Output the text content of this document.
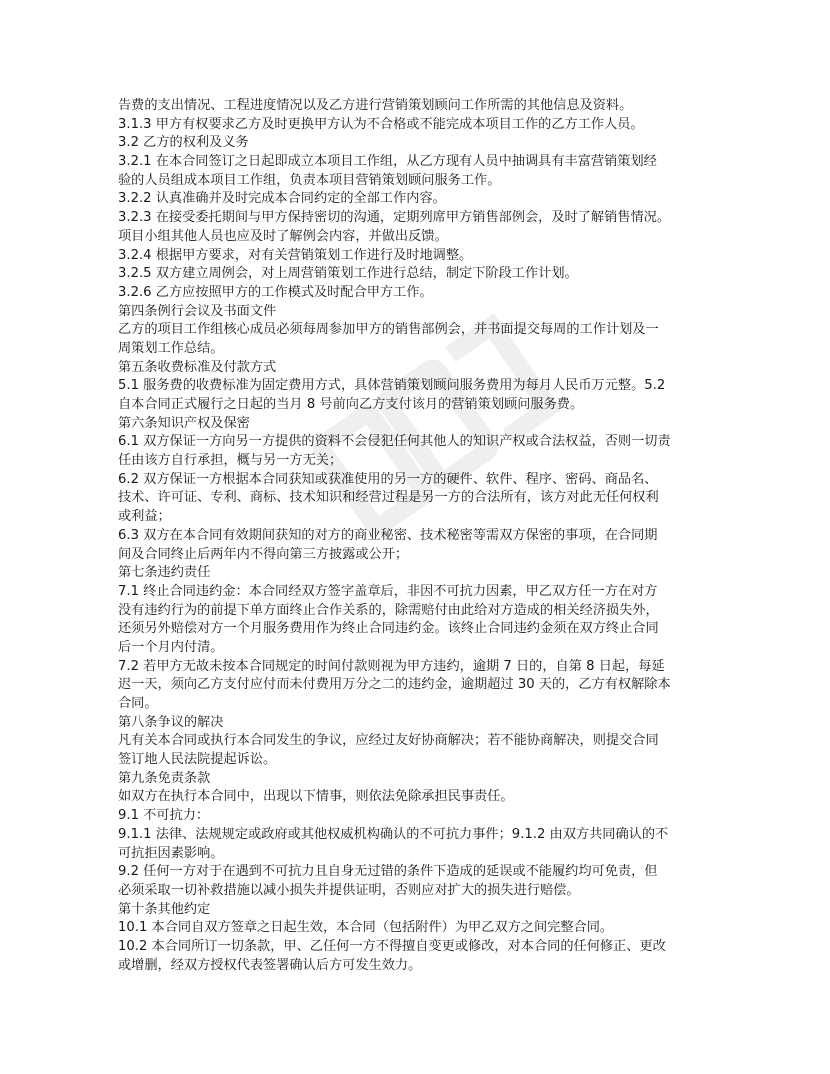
告费的支出情况、工程进度情况以及乙方进行营销策划顾问工作所需的其他信息及资料。
3.1.3 甲方有权要求乙方及时更换甲方认为不合格或不能完成本项目工作的乙方工作人员。
3.2 乙方的权利及义务
3.2.1 在本合同签订之日起即成立本项目工作组，从乙方现有人员中抽调具有丰富营销策划经
验的人员组成本项目工作组，负责本项目营销策划顾问服务工作。
3.2.2 认真准确并及时完成本合同约定的全部工作内容。
3.2.3 在接受委托期间与甲方保持密切的沟通，定期列席甲方销售部例会，及时了解销售情况。
项目小组其他人员也应及时了解例会内容，并做出反馈。
3.2.4 根据甲方要求，对有关营销策划工作进行及时地调整。
3.2.5 双方建立周例会，对上周营销策划工作进行总结，制定下阶段工作计划。
3.2.6 乙方应按照甲方的工作模式及时配合甲方工作。
第四条例行会议及书面文件
乙方的项目工作组核心成员必须每周参加甲方的销售部例会，并书面提交每周的工作计划及一
周策划工作总结。
第五条收费标准及付款方式
5.1 服务费的收费标准为固定费用方式，具体营销策划顾问服务费用为每月人民币万元整。5.2
自本合同正式履行之日起的当月 8 号前向乙方支付该月的营销策划顾问服务费。
第六条知识产权及保密
6.1 双方保证一方向另一方提供的资料不会侵犯任何其他人的知识产权或合法权益，否则一切责
任由该方自行承担，概与另一方无关；
6.2 双方保证一方根据本合同获知或获准使用的另一方的硬件、软件、程序、密码、商品名、
技术、许可证、专利、商标、技术知识和经营过程是另一方的合法所有，该方对此无任何权利
或利益；
6.3 双方在本合同有效期间获知的对方的商业秘密、技术秘密等需双方保密的事项，在合同期
间及合同终止后两年内不得向第三方披露或公开；
第七条违约责任
7.1 终止合同违约金：本合同经双方签字盖章后，非因不可抗力因素，甲乙双方任一方在对方
没有违约行为的前提下单方面终止合作关系的，除需赔付由此给对方造成的相关经济损失外，
还须另外赔偿对方一个月服务费用作为终止合同违约金。该终止合同违约金须在双方终止合同
后一个月内付清。
7.2 若甲方无故未按本合同规定的时间付款则视为甲方违约，逾期 7 日的，自第 8 日起，每延
迟一天，须向乙方支付应付而未付费用万分之二的违约金，逾期超过 30 天的，乙方有权解除本
合同。
第八条争议的解决
凡有关本合同或执行本合同发生的争议，应经过友好协商解决；若不能协商解决，则提交合同
签订地人民法院提起诉讼。
第九条免责条款
如双方在执行本合同中，出现以下情事，则依法免除承担民事责任。
9.1 不可抗力：
9.1.1 法律、法规规定或政府或其他权威机构确认的不可抗力事件；9.1.2 由双方共同确认的不
可抗拒因素影响。
9.2 任何一方对于在遇到不可抗力且自身无过错的条件下造成的延误或不能履约均可免责，但
必须采取一切补救措施以减小损失并提供证明，否则应对扩大的损失进行赔偿。
第十条其他约定
10.1 本合同自双方签章之日起生效，本合同（包括附件）为甲乙双方之间完整合同。
10.2 本合同所订一切条款，甲、乙任何一方不得擅自变更或修改，对本合同的任何修正、更改
或增删，经双方授权代表签署确认后方可发生效力。
